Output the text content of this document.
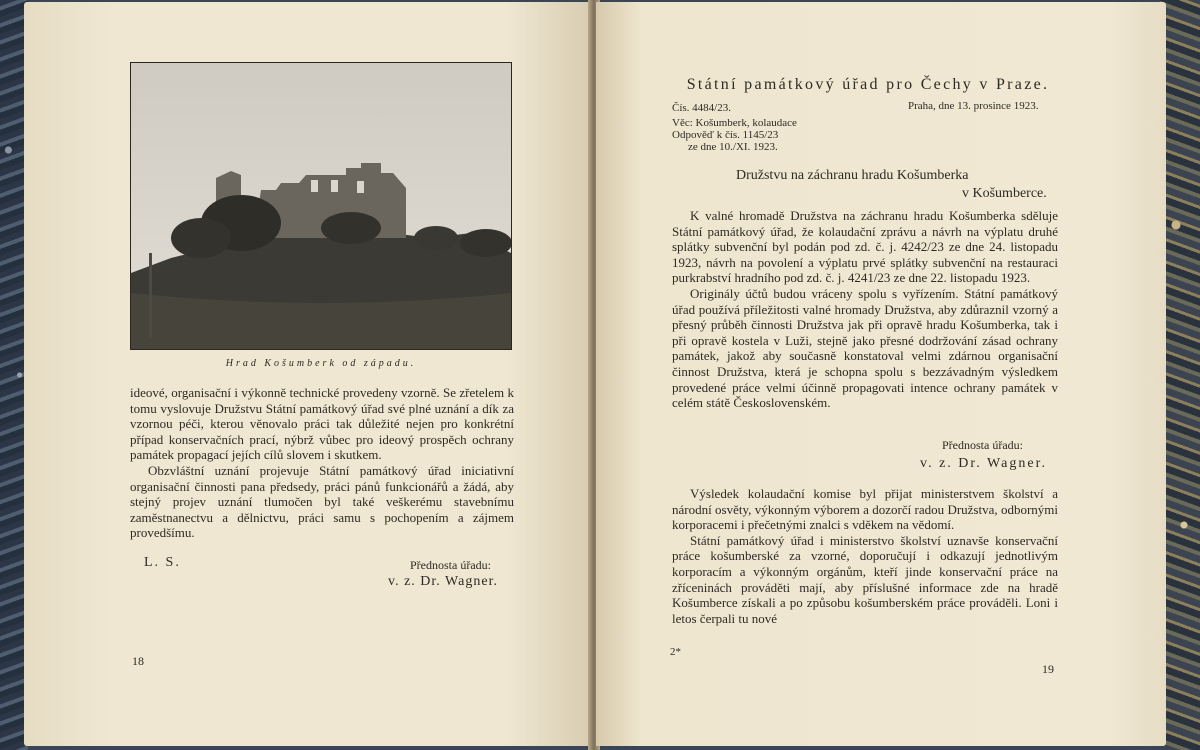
Hrad Košumberk od západu.

ideové, organisační i výkonně technické provedeny vzorně. Se zřetelem k tomu vyslovuje Družstvu Státní památkový úřad své plné uznání a dík za vzornou péči, kterou věnovalo práci tak důležité nejen pro konkrétní případ konservačních prací, nýbrž vůbec pro ideový prospěch ochrany památek propagací jejích cílů slovem i skutkem.

Obzvláštní uznání projevuje Státní památkový úřad iniciativní organisační činnosti pana předsedy, práci pánů funkcionářů a žádá, aby stejný projev uznání tlumočen byl také veškerému stavebnímu zaměstnanectvu a dělnictvu, práci samu s pochopením a zájmem provedšímu.

L. S.	Přednosta úřadu:
v. z. Dr. Wagner.
18
Státní památkový úřad pro Čechy v Praze.
Čís. 4484/23.
Věc: Košumberk, kolaudace
Odpověď k čís. 1145/23
ze dne 10./XI. 1923.
Praha, dne 13. prosince 1923.
Družstvu na záchranu hradu Košumberka
v Košumberce.

K valné hromadě Družstva na záchranu hradu Košumberka sděluje Státní památkový úřad, že kolaudační zprávu a návrh na výplatu druhé splátky subvenční byl podán pod zd. č. j. 4242/23 ze dne 24. listopadu 1923, návrh na povolení a výplatu prvé splátky subvenční na restauraci purkrabství hradního pod zd. č. j. 4241/23 ze dne 22. listopadu 1923.

Originály účtů budou vráceny spolu s vyřízením. Státní památkový úřad používá příležitosti valné hromady Družstva, aby zdůraznil vzorný a přesný průběh činnosti Družstva jak při opravě hradu Košumberka, tak i při opravě kostela v Luži, stejně jako přesné dodržování zásad ochrany památek, jakož aby současně konstatoval velmi zdárnou organisační činnost Družstva, která je schopna spolu s bezzávadným výsledkem provedené práce velmi účinně propagovati intence ochrany památek v celém státě Československém.

Přednosta úřadu:
v. z. Dr. Wagner.

Výsledek kolaudační komise byl přijat ministerstvem školství a národní osvěty, výkonným výborem a dozorčí radou Družstva, odbornými korporacemi i přečetnými znalci s vděkem na vědomí.

Státní památkový úřad i ministerstvo školství uznavše konservační práce košumberské za vzorné, doporučují i odkazují jednotlivým korporacím a výkonným orgánům, kteří jinde konservační práce na zříceninách prováděti mají, aby příslušné informace zde na hradě Košumberce získali a po způsobu košumberském práce prováděli. Loni i letos čerpali tu nové

2*
19
